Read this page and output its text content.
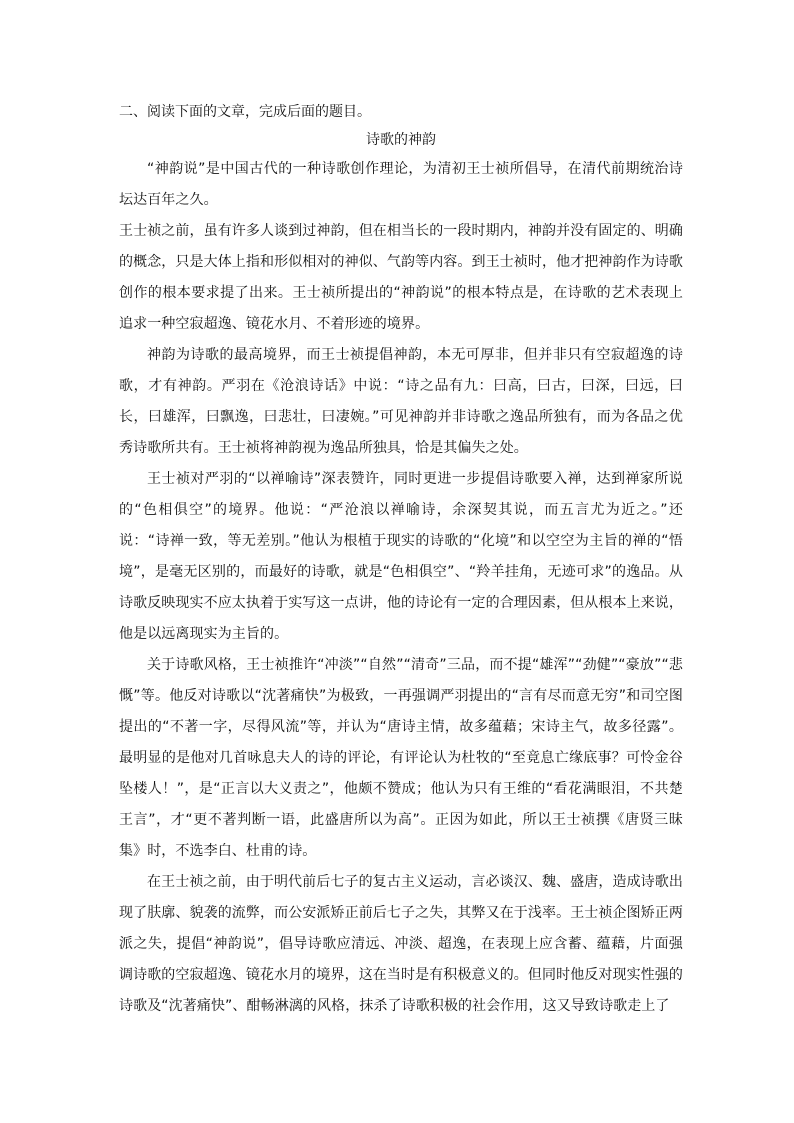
二、阅读下面的文章，完成后面的题目。

诗歌的神韵

“神韵说”是中国古代的一种诗歌创作理论，为清初王士祯所倡导，在清代前期统治诗坛达百年之久。

王士祯之前，虽有许多人谈到过神韵，但在相当长的一段时期内，神韵并没有固定的、明确的概念，只是大体上指和形似相对的神似、气韵等内容。到王士祯时，他才把神韵作为诗歌创作的根本要求提了出来。王士祯所提出的“神韵说”的根本特点是，在诗歌的艺术表现上追求一种空寂超逸、镜花水月、不着形迹的境界。

神韵为诗歌的最高境界，而王士祯提倡神韵，本无可厚非，但并非只有空寂超逸的诗歌，才有神韵。严羽在《沧浪诗话》中说：“诗之品有九：曰高，曰古，曰深，曰远，曰长，曰雄浑，曰飘逸，曰悲壮，曰凄婉。”可见神韵并非诗歌之逸品所独有，而为各品之优秀诗歌所共有。王士祯将神韵视为逸品所独具，恰是其偏失之处。

王士祯对严羽的“以禅喻诗”深表赞许，同时更进一步提倡诗歌要入禅，达到禅家所说的“色相俱空”的境界。他说：“严沧浪以禅喻诗，余深契其说，而五言尤为近之。”还说：“诗禅一致，等无差别。”他认为根植于现实的诗歌的“化境”和以空空为主旨的禅的“悟境”，是毫无区别的，而最好的诗歌，就是“色相俱空”、“羚羊挂角，无迹可求”的逸品。从诗歌反映现实不应太执着于实写这一点讲，他的诗论有一定的合理因素，但从根本上来说，他是以远离现实为主旨的。

关于诗歌风格，王士祯推许“冲淡”“自然”“清奇”三品，而不提“雄浑”“劲健”“豪放”“悲慨”等。他反对诗歌以“沈著痛快”为极致，一再强调严羽提出的“言有尽而意无穷”和司空图提出的“不著一字，尽得风流”等，并认为“唐诗主情，故多蕴藉；宋诗主气，故多径露”。最明显的是他对几首咏息夫人的诗的评论，有评论认为杜牧的“至竟息亡缘底事？可怜金谷坠楼人！”，是“正言以大义责之”，他颇不赞成；他认为只有王维的“看花满眼泪，不共楚王言”，才“更不著判断一语，此盛唐所以为高”。正因为如此，所以王士祯撰《唐贤三昧集》时，不选李白、杜甫的诗。

在王士祯之前，由于明代前后七子的复古主义运动，言必谈汉、魏、盛唐，造成诗歌出现了肤廓、貌袭的流弊，而公安派矫正前后七子之失，其弊又在于浅率。王士祯企图矫正两派之失，提倡“神韵说”，倡导诗歌应清远、冲淡、超逸，在表现上应含蓄、蕴藉，片面强调诗歌的空寂超逸、镜花水月的境界，这在当时是有积极意义的。但同时他反对现实性强的诗歌及“沈著痛快”、酣畅淋漓的风格，抹杀了诗歌积极的社会作用，这又导致诗歌走上了
